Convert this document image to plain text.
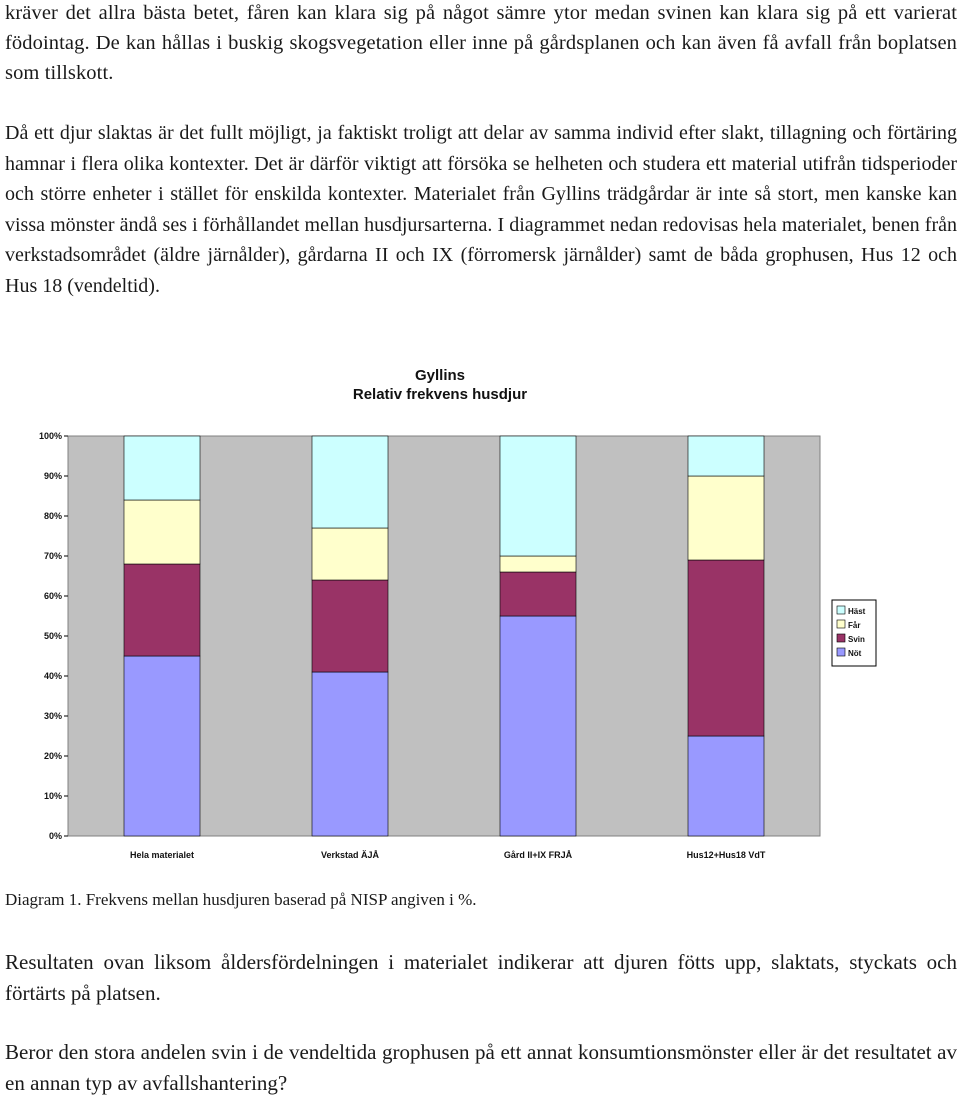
kräver det allra bästa betet, fåren kan klara sig på något sämre ytor medan svinen kan klara sig på ett varierat födointag. De kan hållas i buskig skogsvegetation eller inne på gårdsplanen och kan även få avfall från boplatsen som tillskott.

Då ett djur slaktas är det fullt möjligt, ja faktiskt troligt att delar av samma individ efter slakt, tillagning och förtäring hamnar i flera olika kontexter. Det är därför viktigt att försöka se helheten och studera ett material utifrån tidsperioder och större enheter i stället för enskilda kontexter. Materialet från Gyllins trädgårdar är inte så stort, men kanske kan vissa mönster ändå ses i förhållandet mellan husdjursarterna. I diagrammet nedan redovisas hela materialet, benen från verkstadsområdet (äldre järnålder), gårdarna II och IX (förromersk järnålder) samt de båda grophusen, Hus 12 och Hus 18 (vendeltid).

Gyllins
Relativ frekvens husdjur
0%
10%
20%
30%
40%
50%
60%
70%
80%
90%
100%
Hela materialet	Verkstad ÄJÅ	Gård II+IX FRJÅ	Hus12+Hus18 VdT
Häst
Får
Svin
Nöt
Diagram 1. Frekvens mellan husdjuren baserad på NISP angiven i %.

Resultaten ovan liksom åldersfördelningen i materialet indikerar att djuren fötts upp, slaktats, styckats och förtärts på platsen.

Beror den stora andelen svin i de vendeltida grophusen på ett annat konsumtionsmönster eller är det resultatet av en annan typ av avfallshantering?
